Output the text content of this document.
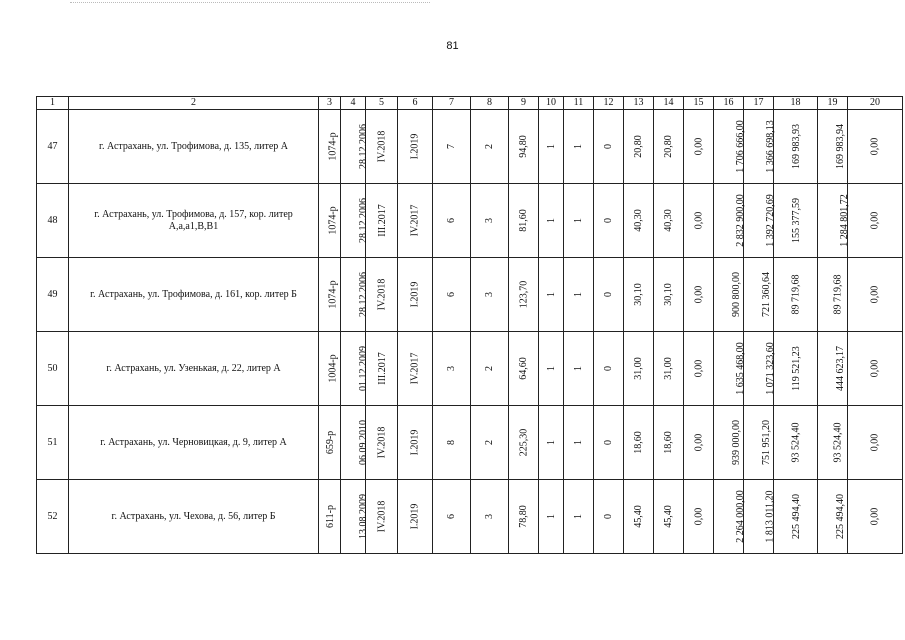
81
1	2	3	4	5	6	7	8	9	10	11	12	13	14	15	16	17	18	19	20
47	г. Астрахань, ул. Трофимова, д. 135, литер А	1074-р	28.12.2006	IV.2018	I.2019	7	2	94,80	1	1	0	20,80	20,80	0,00	1 706 666,00	1 366 698,13	169 983,93	169 983,94	0,00
48	г. Астрахань, ул. Трофимова, д. 157, кор. литер А,а,а1,В,В1	1074-р	28.12.2006	III.2017	IV.2017	6	3	81,60	1	1	0	40,30	40,30	0,00	2 832 900,00	1 392 720,69	155 377,59	1 284 801,72	0,00
49	г. Астрахань, ул. Трофимова, д. 161, кор. литер Б	1074-р	28.12.2006	IV.2018	I.2019	6	3	123,70	1	1	0	30,10	30,10	0,00	900 800,00	721 360,64	89 719,68	89 719,68	0,00
50	г. Астрахань, ул. Узенькая, д. 22, литер А	1004-р	01.12.2009	III.2017	IV.2017	3	2	64,60	1	1	0	31,00	31,00	0,00	1 635 468,00	1 071 323,60	119 521,23	444 623,17	0,00
51	г. Астрахань, ул. Черновицкая, д. 9, литер А	659-р	06.09.2010	IV.2018	I.2019	8	2	225,30	1	1	0	18,60	18,60	0,00	939 000,00	751 951,20	93 524,40	93 524,40	0,00
52	г. Астрахань, ул. Чехова, д. 56, литер Б	611-р	13.08.2009	IV.2018	I.2019	6	3	78,80	1	1	0	45,40	45,40	0,00	2 264 000,00	1 813 011,20	225 494,40	225 494,40	0,00
